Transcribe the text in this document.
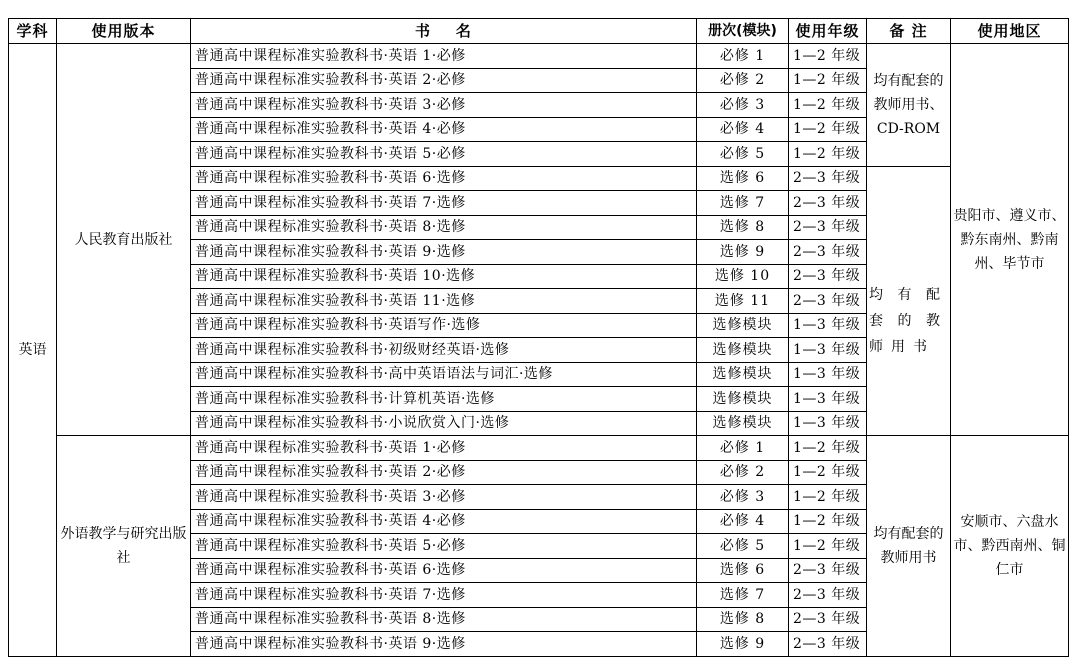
学科	使用版本	书    名	册次(模块)	使用年级	备 注	使用地区
英语	人民教育出版社	普通高中课程标准实验教科书·英语 1·必修	必修 1	1—2 年级	均有配套的教师用书、CD-ROM	贵阳市、遵义市、黔东南州、黔南州、毕节市

		普通高中课程标准实验教科书·英语 2·必修	必修 2	1—2 年级		
		普通高中课程标准实验教科书·英语 3·必修	必修 3	1—2 年级		
		普通高中课程标准实验教科书·英语 4·必修	必修 4	1—2 年级		
		普通高中课程标准实验教科书·英语 5·必修	必修 5	1—2 年级		
		普通高中课程标准实验教科书·英语 6·选修	选修 6	2—3 年级	均有配套的教师用书	

		普通高中课程标准实验教科书·英语 7·选修	选修 7	2—3 年级		
		普通高中课程标准实验教科书·英语 8·选修	选修 8	2—3 年级		
		普通高中课程标准实验教科书·英语 9·选修	选修 9	2—3 年级		
		普通高中课程标准实验教科书·英语 10·选修	选修 10	2—3 年级		
		普通高中课程标准实验教科书·英语 11·选修	选修 11	2—3 年级		
		普通高中课程标准实验教科书·英语写作·选修	选修模块	1—3 年级		
		普通高中课程标准实验教科书·初级财经英语·选修	选修模块	1—3 年级		
		普通高中课程标准实验教科书·高中英语语法与词汇·选修	选修模块	1—3 年级		
		普通高中课程标准实验教科书·计算机英语·选修	选修模块	1—3 年级		
		普通高中课程标准实验教科书·小说欣赏入门·选修	选修模块	1—3 年级		
	外语教学与研究出版社	普通高中课程标准实验教科书·英语 1·必修	必修 1	1—2 年级	均有配套的教师用书	安顺市、六盘水市、黔西南州、铜仁市

		普通高中课程标准实验教科书·英语 2·必修	必修 2	1—2 年级		
		普通高中课程标准实验教科书·英语 3·必修	必修 3	1—2 年级		
		普通高中课程标准实验教科书·英语 4·必修	必修 4	1—2 年级		
		普通高中课程标准实验教科书·英语 5·必修	必修 5	1—2 年级		
		普通高中课程标准实验教科书·英语 6·选修	选修 6	2—3 年级		
		普通高中课程标准实验教科书·英语 7·选修	选修 7	2—3 年级		
		普通高中课程标准实验教科书·英语 8·选修	选修 8	2—3 年级		
		普通高中课程标准实验教科书·英语 9·选修	选修 9	2—3 年级		
